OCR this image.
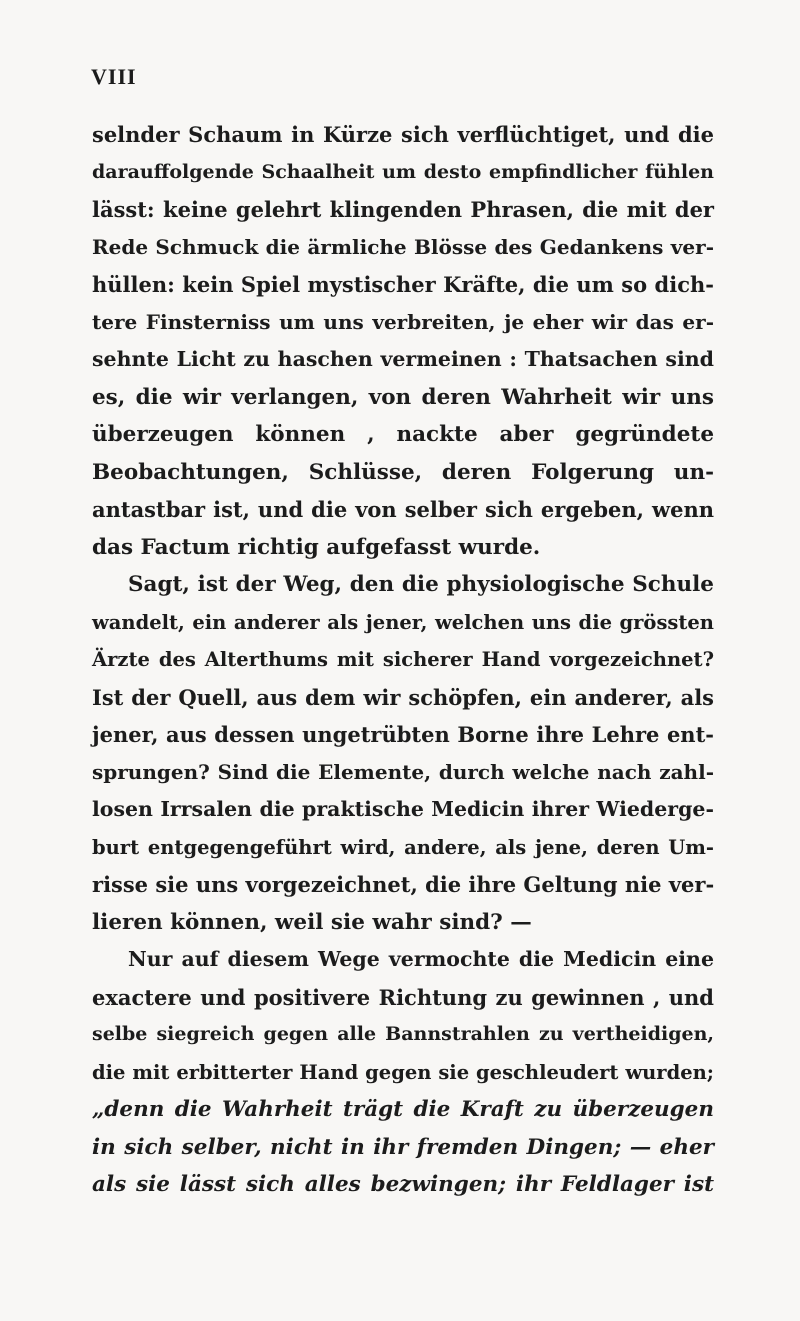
VIII
selnder Schaum in Kürze sich verflüchtiget, und die
darauffolgende Schaalheit um desto empfindlicher fühlen
lässt: keine gelehrt klingenden Phrasen, die mit der
Rede Schmuck die ärmliche Blösse des Gedankens ver-
hüllen: kein Spiel mystischer Kräfte, die um so dich-
tere Finsterniss um uns verbreiten, je eher wir das er-
sehnte Licht zu haschen vermeinen : Thatsachen sind
es, die wir verlangen, von deren Wahrheit wir uns
überzeugen können , nackte aber gegründete
Beobachtungen, Schlüsse, deren Folgerung un-
antastbar ist, und die von selber sich ergeben, wenn
das Factum richtig aufgefasst wurde.
Sagt, ist der Weg, den die physiologische Schule
wandelt, ein anderer als jener, welchen uns die grössten
Ärzte des Alterthums mit sicherer Hand vorgezeichnet?
Ist der Quell, aus dem wir schöpfen, ein anderer, als
jener, aus dessen ungetrübten Borne ihre Lehre ent-
sprungen? Sind die Elemente, durch welche nach zahl-
losen Irrsalen die praktische Medicin ihrer Wiederge-
burt entgegengeführt wird, andere, als jene, deren Um-
risse sie uns vorgezeichnet, die ihre Geltung nie ver-
lieren können, weil sie wahr sind? —
Nur auf diesem Wege vermochte die Medicin eine
exactere und positivere Richtung zu gewinnen , und
selbe siegreich gegen alle Bannstrahlen zu vertheidigen,
die mit erbitterter Hand gegen sie geschleudert wurden;
„denn die Wahrheit trägt die Kraft zu überzeugen
in sich selber, nicht in ihr fremden Dingen; — eher
als sie lässt sich alles bezwingen; ihr Feldlager ist
